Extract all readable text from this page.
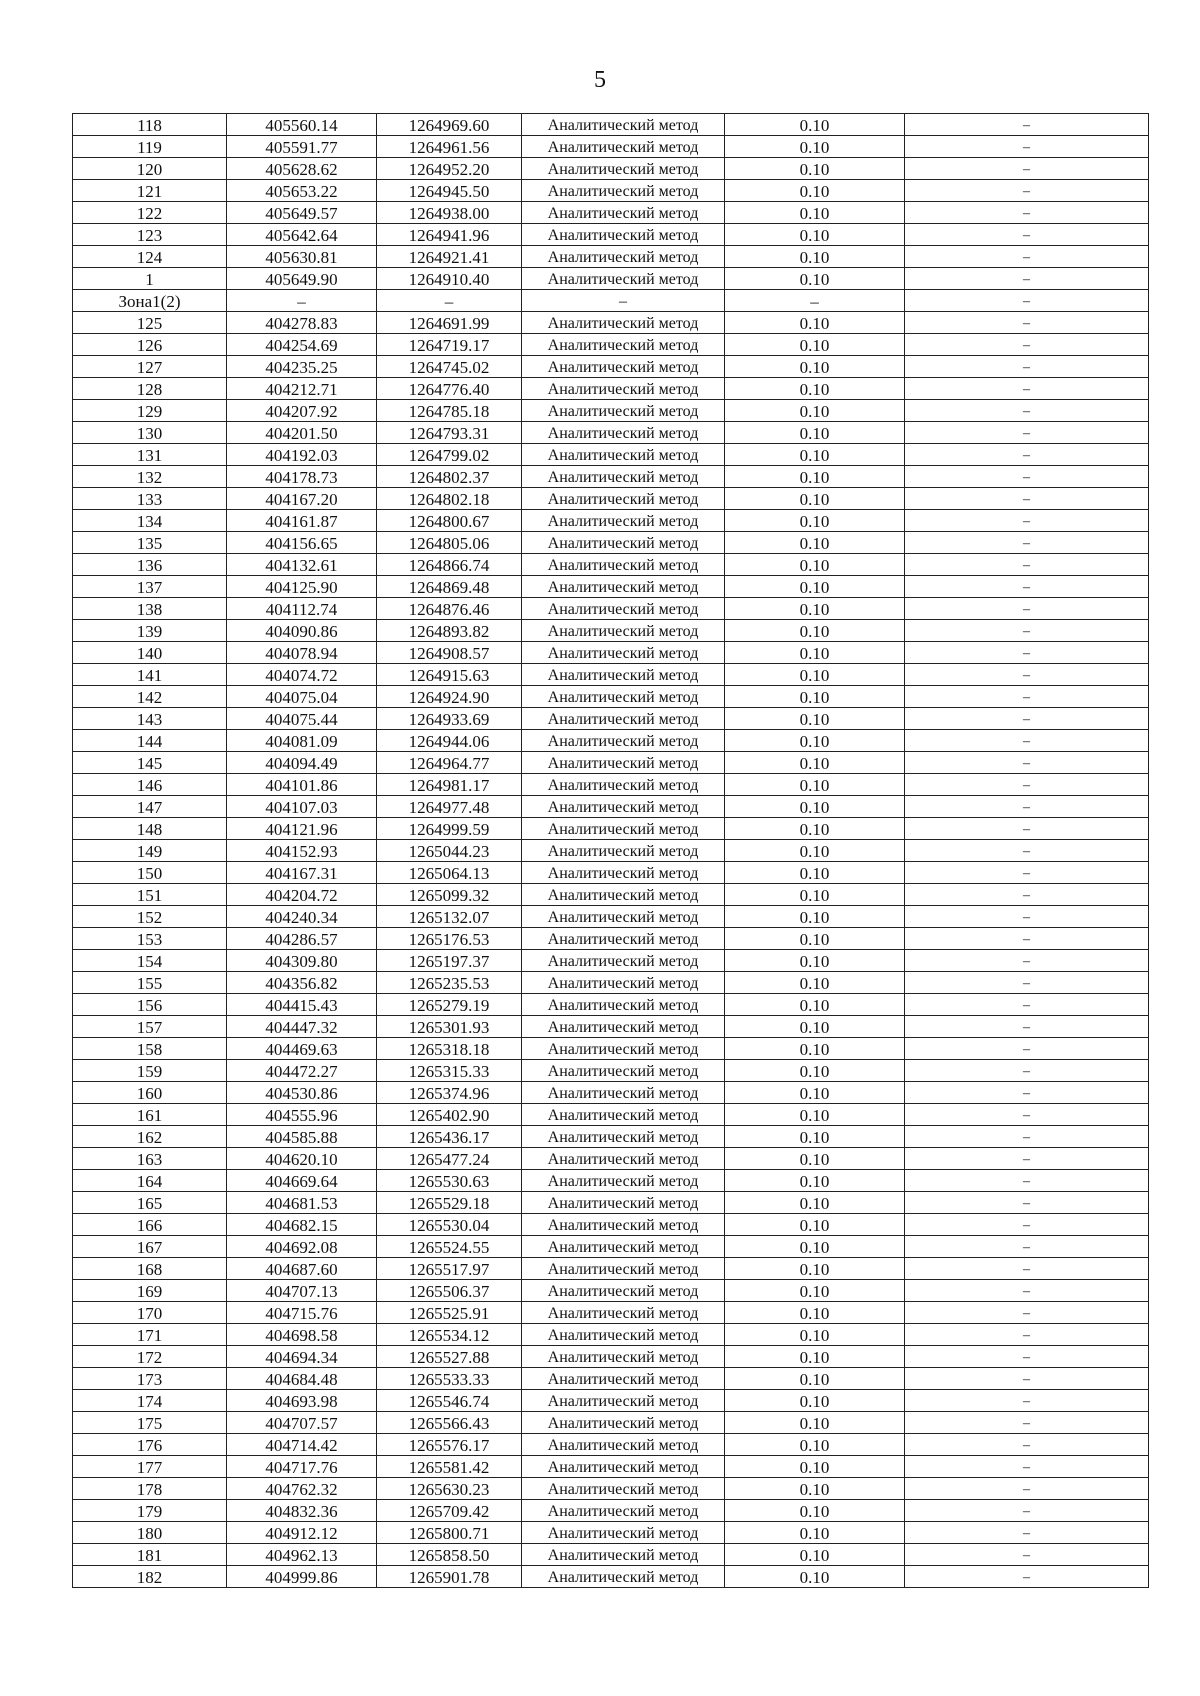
5
118	405560.14	1264969.60	Аналитический метод	0.10	–
119	405591.77	1264961.56	Аналитический метод	0.10	–
120	405628.62	1264952.20	Аналитический метод	0.10	–
121	405653.22	1264945.50	Аналитический метод	0.10	–
122	405649.57	1264938.00	Аналитический метод	0.10	–
123	405642.64	1264941.96	Аналитический метод	0.10	–
124	405630.81	1264921.41	Аналитический метод	0.10	–
1	405649.90	1264910.40	Аналитический метод	0.10	–
Зона1(2)	–	–	–	–	–
125	404278.83	1264691.99	Аналитический метод	0.10	–
126	404254.69	1264719.17	Аналитический метод	0.10	–
127	404235.25	1264745.02	Аналитический метод	0.10	–
128	404212.71	1264776.40	Аналитический метод	0.10	–
129	404207.92	1264785.18	Аналитический метод	0.10	–
130	404201.50	1264793.31	Аналитический метод	0.10	–
131	404192.03	1264799.02	Аналитический метод	0.10	–
132	404178.73	1264802.37	Аналитический метод	0.10	–
133	404167.20	1264802.18	Аналитический метод	0.10	–
134	404161.87	1264800.67	Аналитический метод	0.10	–
135	404156.65	1264805.06	Аналитический метод	0.10	–
136	404132.61	1264866.74	Аналитический метод	0.10	–
137	404125.90	1264869.48	Аналитический метод	0.10	–
138	404112.74	1264876.46	Аналитический метод	0.10	–
139	404090.86	1264893.82	Аналитический метод	0.10	–
140	404078.94	1264908.57	Аналитический метод	0.10	–
141	404074.72	1264915.63	Аналитический метод	0.10	–
142	404075.04	1264924.90	Аналитический метод	0.10	–
143	404075.44	1264933.69	Аналитический метод	0.10	–
144	404081.09	1264944.06	Аналитический метод	0.10	–
145	404094.49	1264964.77	Аналитический метод	0.10	–
146	404101.86	1264981.17	Аналитический метод	0.10	–
147	404107.03	1264977.48	Аналитический метод	0.10	–
148	404121.96	1264999.59	Аналитический метод	0.10	–
149	404152.93	1265044.23	Аналитический метод	0.10	–
150	404167.31	1265064.13	Аналитический метод	0.10	–
151	404204.72	1265099.32	Аналитический метод	0.10	–
152	404240.34	1265132.07	Аналитический метод	0.10	–
153	404286.57	1265176.53	Аналитический метод	0.10	–
154	404309.80	1265197.37	Аналитический метод	0.10	–
155	404356.82	1265235.53	Аналитический метод	0.10	–
156	404415.43	1265279.19	Аналитический метод	0.10	–
157	404447.32	1265301.93	Аналитический метод	0.10	–
158	404469.63	1265318.18	Аналитический метод	0.10	–
159	404472.27	1265315.33	Аналитический метод	0.10	–
160	404530.86	1265374.96	Аналитический метод	0.10	–
161	404555.96	1265402.90	Аналитический метод	0.10	–
162	404585.88	1265436.17	Аналитический метод	0.10	–
163	404620.10	1265477.24	Аналитический метод	0.10	–
164	404669.64	1265530.63	Аналитический метод	0.10	–
165	404681.53	1265529.18	Аналитический метод	0.10	–
166	404682.15	1265530.04	Аналитический метод	0.10	–
167	404692.08	1265524.55	Аналитический метод	0.10	–
168	404687.60	1265517.97	Аналитический метод	0.10	–
169	404707.13	1265506.37	Аналитический метод	0.10	–
170	404715.76	1265525.91	Аналитический метод	0.10	–
171	404698.58	1265534.12	Аналитический метод	0.10	–
172	404694.34	1265527.88	Аналитический метод	0.10	–
173	404684.48	1265533.33	Аналитический метод	0.10	–
174	404693.98	1265546.74	Аналитический метод	0.10	–
175	404707.57	1265566.43	Аналитический метод	0.10	–
176	404714.42	1265576.17	Аналитический метод	0.10	–
177	404717.76	1265581.42	Аналитический метод	0.10	–
178	404762.32	1265630.23	Аналитический метод	0.10	–
179	404832.36	1265709.42	Аналитический метод	0.10	–
180	404912.12	1265800.71	Аналитический метод	0.10	–
181	404962.13	1265858.50	Аналитический метод	0.10	–
182	404999.86	1265901.78	Аналитический метод	0.10	–
